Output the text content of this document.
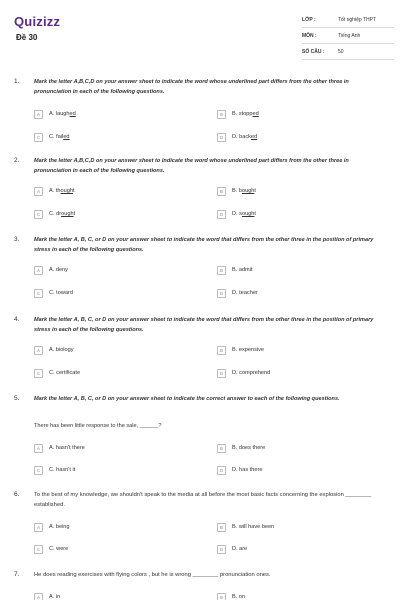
Quizizz
Đề 30
LỚP :	Tốt nghiệp THPT
MÔN :	Tiếng Anh
SỐ CÂU :	50
1.	Mark the letter A,B,C,D on your answer sheet to indicate the word whose underlined part differs from the other three in pronunciation in each of the following questions.
A	A. laughed	B	B. stopped
C	C. failed	D	D. backed
2.	Mark the letter A,B,C,D on your answer sheet to indicate the word whose underlined part differs from the other three in pronunciation in each of the following questions.
A	A. thought	B	B. bought
C	C. drought	D	D. sought
3.	Mark the letter A, B, C, or D on your answer sheet to indicate the word that differs from the other three in the position of primary stress in each of the following questions.
A	A. deny	B	B. admit
C	C. toward	D	D. teacher
4.	Mark the letter A, B, C, or D on your answer sheet to indicate the word that differs from the other three in the position of primary stress in each of the following questions.
A	A. biology	B	B. expensive
C	C. certificate	D	D. comprehend
5.	Mark the letter A, B, C, or D on your answer sheet to indicate the correct answer to each of the following questions.
There has been little response to the sale, ______?
A	A. hasn't there	B	B. does there
C	C. hasn't it	D	D. has there
6.	To the best of my knowledge, we shouldn't speak to the media at all before the most basic facts concerning the explosion ________ established.
A	A. being	B	B. will have been
C	C. were	D	D. are
7.	He does reading exercises with flying colors , but he is wrong ________ pronunciation ones.
A	A. in	B	B. on
